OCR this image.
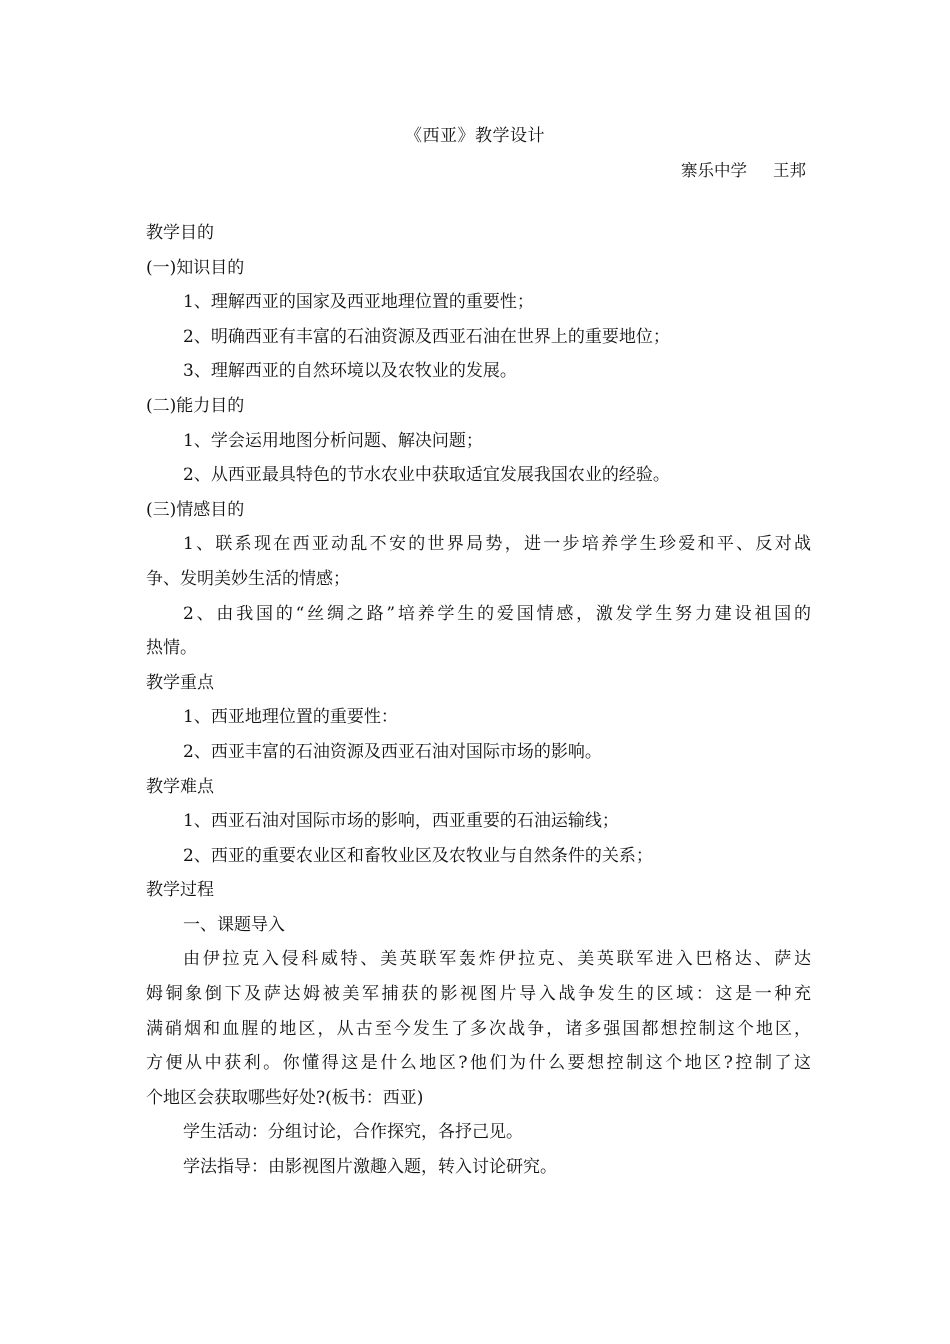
《西亚》教学设计
寨乐中学 王邦
教学目的
(一)知识目的
1、理解西亚的国家及西亚地理位置的重要性；
2、明确西亚有丰富的石油资源及西亚石油在世界上的重要地位；
3、理解西亚的自然环境以及农牧业的发展。
(二)能力目的
1、学会运用地图分析问题、解决问题；
2、从西亚最具特色的节水农业中获取适宜发展我国农业的经验。
(三)情感目的
1、联系现在西亚动乱不安的世界局势，进一步培养学生珍爱和平、反对战
争、发明美妙生活的情感；
2、由我国的“丝绸之路”培养学生的爱国情感，激发学生努力建设祖国的
热情。
教学重点
1、西亚地理位置的重要性：
2、西亚丰富的石油资源及西亚石油对国际市场的影响。
教学难点
1、西亚石油对国际市场的影响，西亚重要的石油运输线；
2、西亚的重要农业区和畜牧业区及农牧业与自然条件的关系；
教学过程
一、课题导入
由伊拉克入侵科威特、美英联军轰炸伊拉克、美英联军进入巴格达、萨达
姆铜象倒下及萨达姆被美军捕获的影视图片导入战争发生的区域：这是一种充
满硝烟和血腥的地区，从古至今发生了多次战争，诸多强国都想控制这个地区，
方便从中获利。你懂得这是什么地区?他们为什么要想控制这个地区?控制了这
个地区会获取哪些好处?(板书：西亚)
学生活动：分组讨论，合作探究，各抒己见。
学法指导：由影视图片激趣入题，转入讨论研究。
